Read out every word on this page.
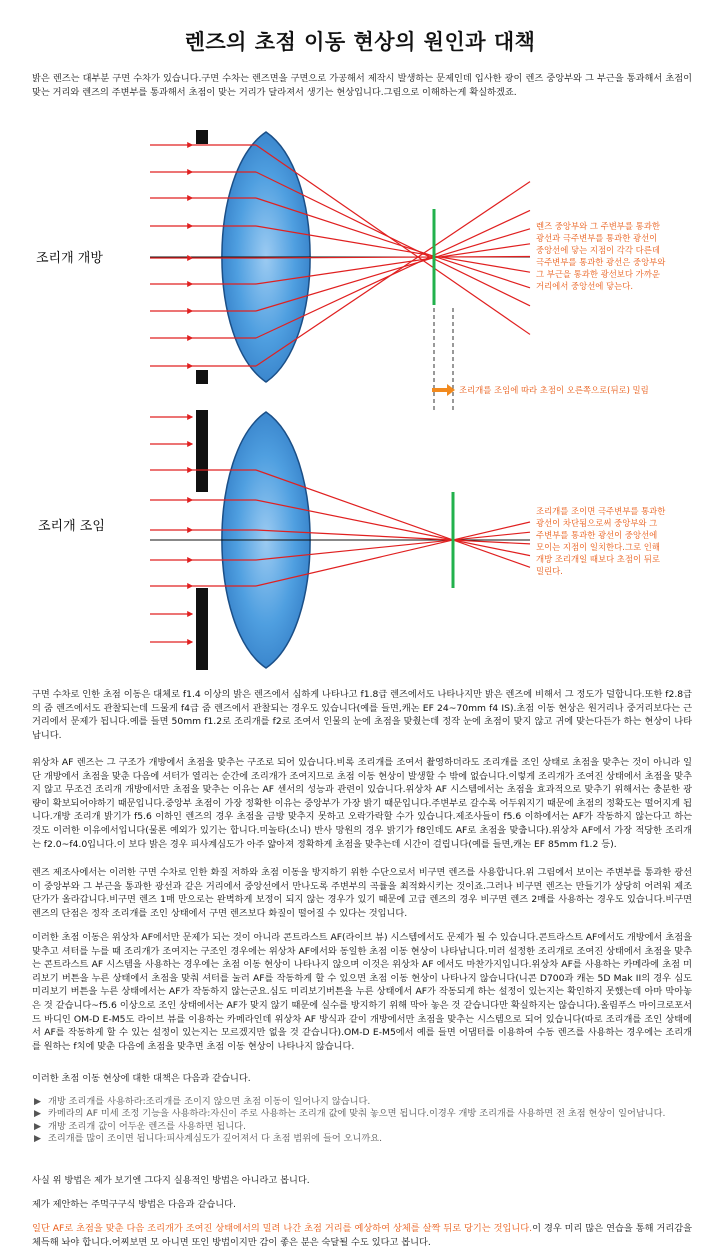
렌즈의 초점 이동 현상의 원인과 대책

밝은 렌즈는 대부분 구면 수차가 있습니다.구면 수차는 렌즈면을 구면으로 가공해서 제작시 발생하는 문제인데 입사한 광이 렌즈 중앙부와 그 부근을 통과해서 초점이 맞는 거리와 렌즈의 주변부를 통과해서 초점이 맞는 거리가 달라져서 생기는 현상입니다.그림으로 이해하는게 확실하겠죠.

조리개 개방
조리개 조임
렌즈 중앙부와 그 주변부를 통과한
광선과 극주변부를 통과한 광선이
중앙선에 닿는 지점이 각각 다른데
극주변부를 통과한 광선은 중앙부와
그 부근을 통과한 광선보다 가까운
거리에서 중앙선에 닿는다.
조리개를 조임에 따라 초점이 오른쪽으로(뒤로) 밀림
조리개를 조이면 극주변부를 통과한
광선이 차단됨으로써 중앙부와 그
주변부를 통과한 광선이 중앙선에
모이는 지점이 일치한다.그로 인해
개방 조리개일 때보다 초점이 뒤로
밀린다.

구면 수차로 인한 초점 이동은 대체로 f1.4 이상의 밝은 렌즈에서 심하게 나타나고 f1.8급 렌즈에서도 나타나지만 밝은 렌즈에 비해서 그 정도가 덜합니다.또한 f2.8급의 줌 렌즈에서도 관찰되는데 드물게 f4급 줌 렌즈에서 관찰되는 경우도 있습니다(예를 들면,캐논 EF 24~70mm f4 IS).초점 이동 현상은 원거리나 중거리보다는 근거리에서 문제가 됩니다.예를 들면 50mm f1.2로 조리개를 f2로 조여서 인물의 눈에 초점을 맞췄는데 정작 눈에 초점이 맞지 않고 귀에 맞는다든가 하는 현상이 나타납니다.

위상차 AF 렌즈는 그 구조가 개방에서 초점을 맞추는 구조로 되어 있습니다.비록 조리개를 조여서 촬영하더라도 조리개를 조인 상태로 초점을 맞추는 것이 아니라 일단 개방에서 초점을 맞춘 다음에 셔터가 열리는 순간에 조리개가 조여지므로 초점 이동 현상이 발생할 수 밖에 없습니다.이렇게 조리개가 조여진 상태에서 초점을 맞추지 않고 무조건 조리개 개방에서만 초점을 맞추는 이유는 AF 센서의 성능과 관련이 있습니다.위상차 AF 시스템에서는 초점을 효과적으로 맞추기 위해서는 충분한 광량이 확보되어야하기 때문입니다.중앙부 초점이 가장 정확한 이유는 중앙부가 가장 밝기 때문입니다.주변부로 갈수록 어두워지기 때문에 초점의 정확도는 떨어지게 됩니다.개방 조리개 밝기가 f5.6 이하인 렌즈의 경우 초점을 금방 맞추지 못하고 오락가락할 수가 있습니다.제조사들이 f5.6 이하에서는 AF가 작동하지 않는다고 하는 것도 이러한 이유에서입니다(물론 예외가 있기는 합니다.미놀타(소니) 반사 망원의 경우 밝기가 f8인데도 AF로 초점을 맞춥니다).위상차 AF에서 가장 적당한 조리개는 f2.0~f4.0입니다.이 보다 밝은 경우 피사계심도가 아주 얇아져 정확하게 초점을 맞추는데 시간이 걸립니다(예를 들면,캐논 EF 85mm f1.2 등).

렌즈 제조사에서는 이러한 구면 수차로 인한 화질 저하와 초점 이동을 방지하기 위한 수단으로서 비구면 렌즈를 사용합니다.위 그림에서 보이는 주변부를 통과한 광선이 중앙부와 그 부근을 통과한 광선과 같은 거리에서 중앙선에서 만나도록 주변부의 곡률을 최적화시키는 것이죠.그러나 비구면 렌즈는 만들기가 상당히 어려워 제조 단가가 올라갑니다.비구면 렌즈 1매 만으로는 완벽하게 보정이 되지 않는 경우가 있기 때문에 고급 렌즈의 경우 비구면 렌즈 2매를 사용하는 경우도 있습니다.비구면 렌즈의 단점은 정작 조리개를 조인 상태에서 구면 렌즈보다 화질이 떨어질 수 있다는 것입니다.

이러한 초점 이동은 위상차 AF에서만 문제가 되는 것이 아니라 콘트라스트 AF(라이브 뷰) 시스템에서도 문제가 될 수 있습니다.콘트라스트 AF에서도 개방에서 초점을 맞추고 셔터를 누를 때 조리개가 조여지는 구조인 경우에는 위상차 AF에서와 동일한 초점 이동 현상이 나타납니다.미러 설정한 조리개로 조여진 상태에서 초점을 맞추는 콘트라스트 AF 시스템을 사용하는 경우에는 초점 이동 현상이 나타나지 않으며 이것은 위상차 AF 에서도 마찬가지입니다.위상차 AF를 사용하는 카메라에 초점 미리보기 버튼을 누른 상태에서 초점을 맞춰 셔터를 눌러 AF를 작동하게 할 수 있으면 초점 이동 현상이 나타나지 않습니다(니콘 D700과 캐논 5D Mak II의 경우 심도 미리보기 버튼을 누른 상태에서는 AF가 작동하지 않는군요.심도 미리보기버튼을 누른 상태에서 AF가 작동되게 하는 설정이 있는지는 확인하지 못했는데 아마 막아놓은 것 같습니다~f5.6 이상으로 조인 상태에서는 AF가 맞지 않기 때문에 실수를 방지하기 위해 막아 놓은 것 같습니다만 확실하지는 않습니다).올림푸스 마이크로포서드 바디인 OM-D E-M5도 라이브 뷰를 이용하는 카메라인데 위상차 AF 방식과 같이 개방에서만 초점을 맞추는 시스템으로 되어 있습니다(따로 조리개를 조인 상태에서 AF를 작동하게 할 수 있는 설정이 있는지는 모르겠지만 없을 것 같습니다).OM-D E-M5에서 예를 들면 어댑터를 이용하여 수동 렌즈를 사용하는 경우에는 조리개를 원하는 f치에 맞춘 다음에 초점을 맞추면 초점 이동 현상이 나타나지 않습니다.

이러한 초점 이동 현상에 대한 대책은 다음과 같습니다.

▶ 개방 조리개를 사용하라:조리개를 조이지 않으면 초점 이동이 일어나지 않습니다.
▶ 카메라의 AF 미세 조정 기능을 사용하라:자신이 주로 사용하는 조리개 값에 맞춰 놓으면 됩니다.이경우 개방 조리개를 사용하면 전 초점 현상이 일어납니다.
▶ 개방 조리개 값이 어두운 렌즈를 사용하면 됩니다.
▶ 조리개를 많이 조이면 됩니다:피사계심도가 깊어져서 다 초점 범위에 들어 오니까요.

사실 위 방법은 제가 보기엔 그다지 실용적인 방법은 아니라고 봅니다.

제가 제안하는 주먹구구식 방법은 다음과 같습니다.

일단 AF로 초점을 맞춘 다음 조리개가 조여진 상태에서의 밀려 나간 초점 거리를 예상하여 상체를 살짝 뒤로 당기는 것입니다.이 경우 미리 많은 연습을 통해 거리감을 체득해 놔야 합니다.어찌보면 모 아니면 또인 방법이지만 감이 좋은 분은 숙달될 수도 있다고 봅니다.
